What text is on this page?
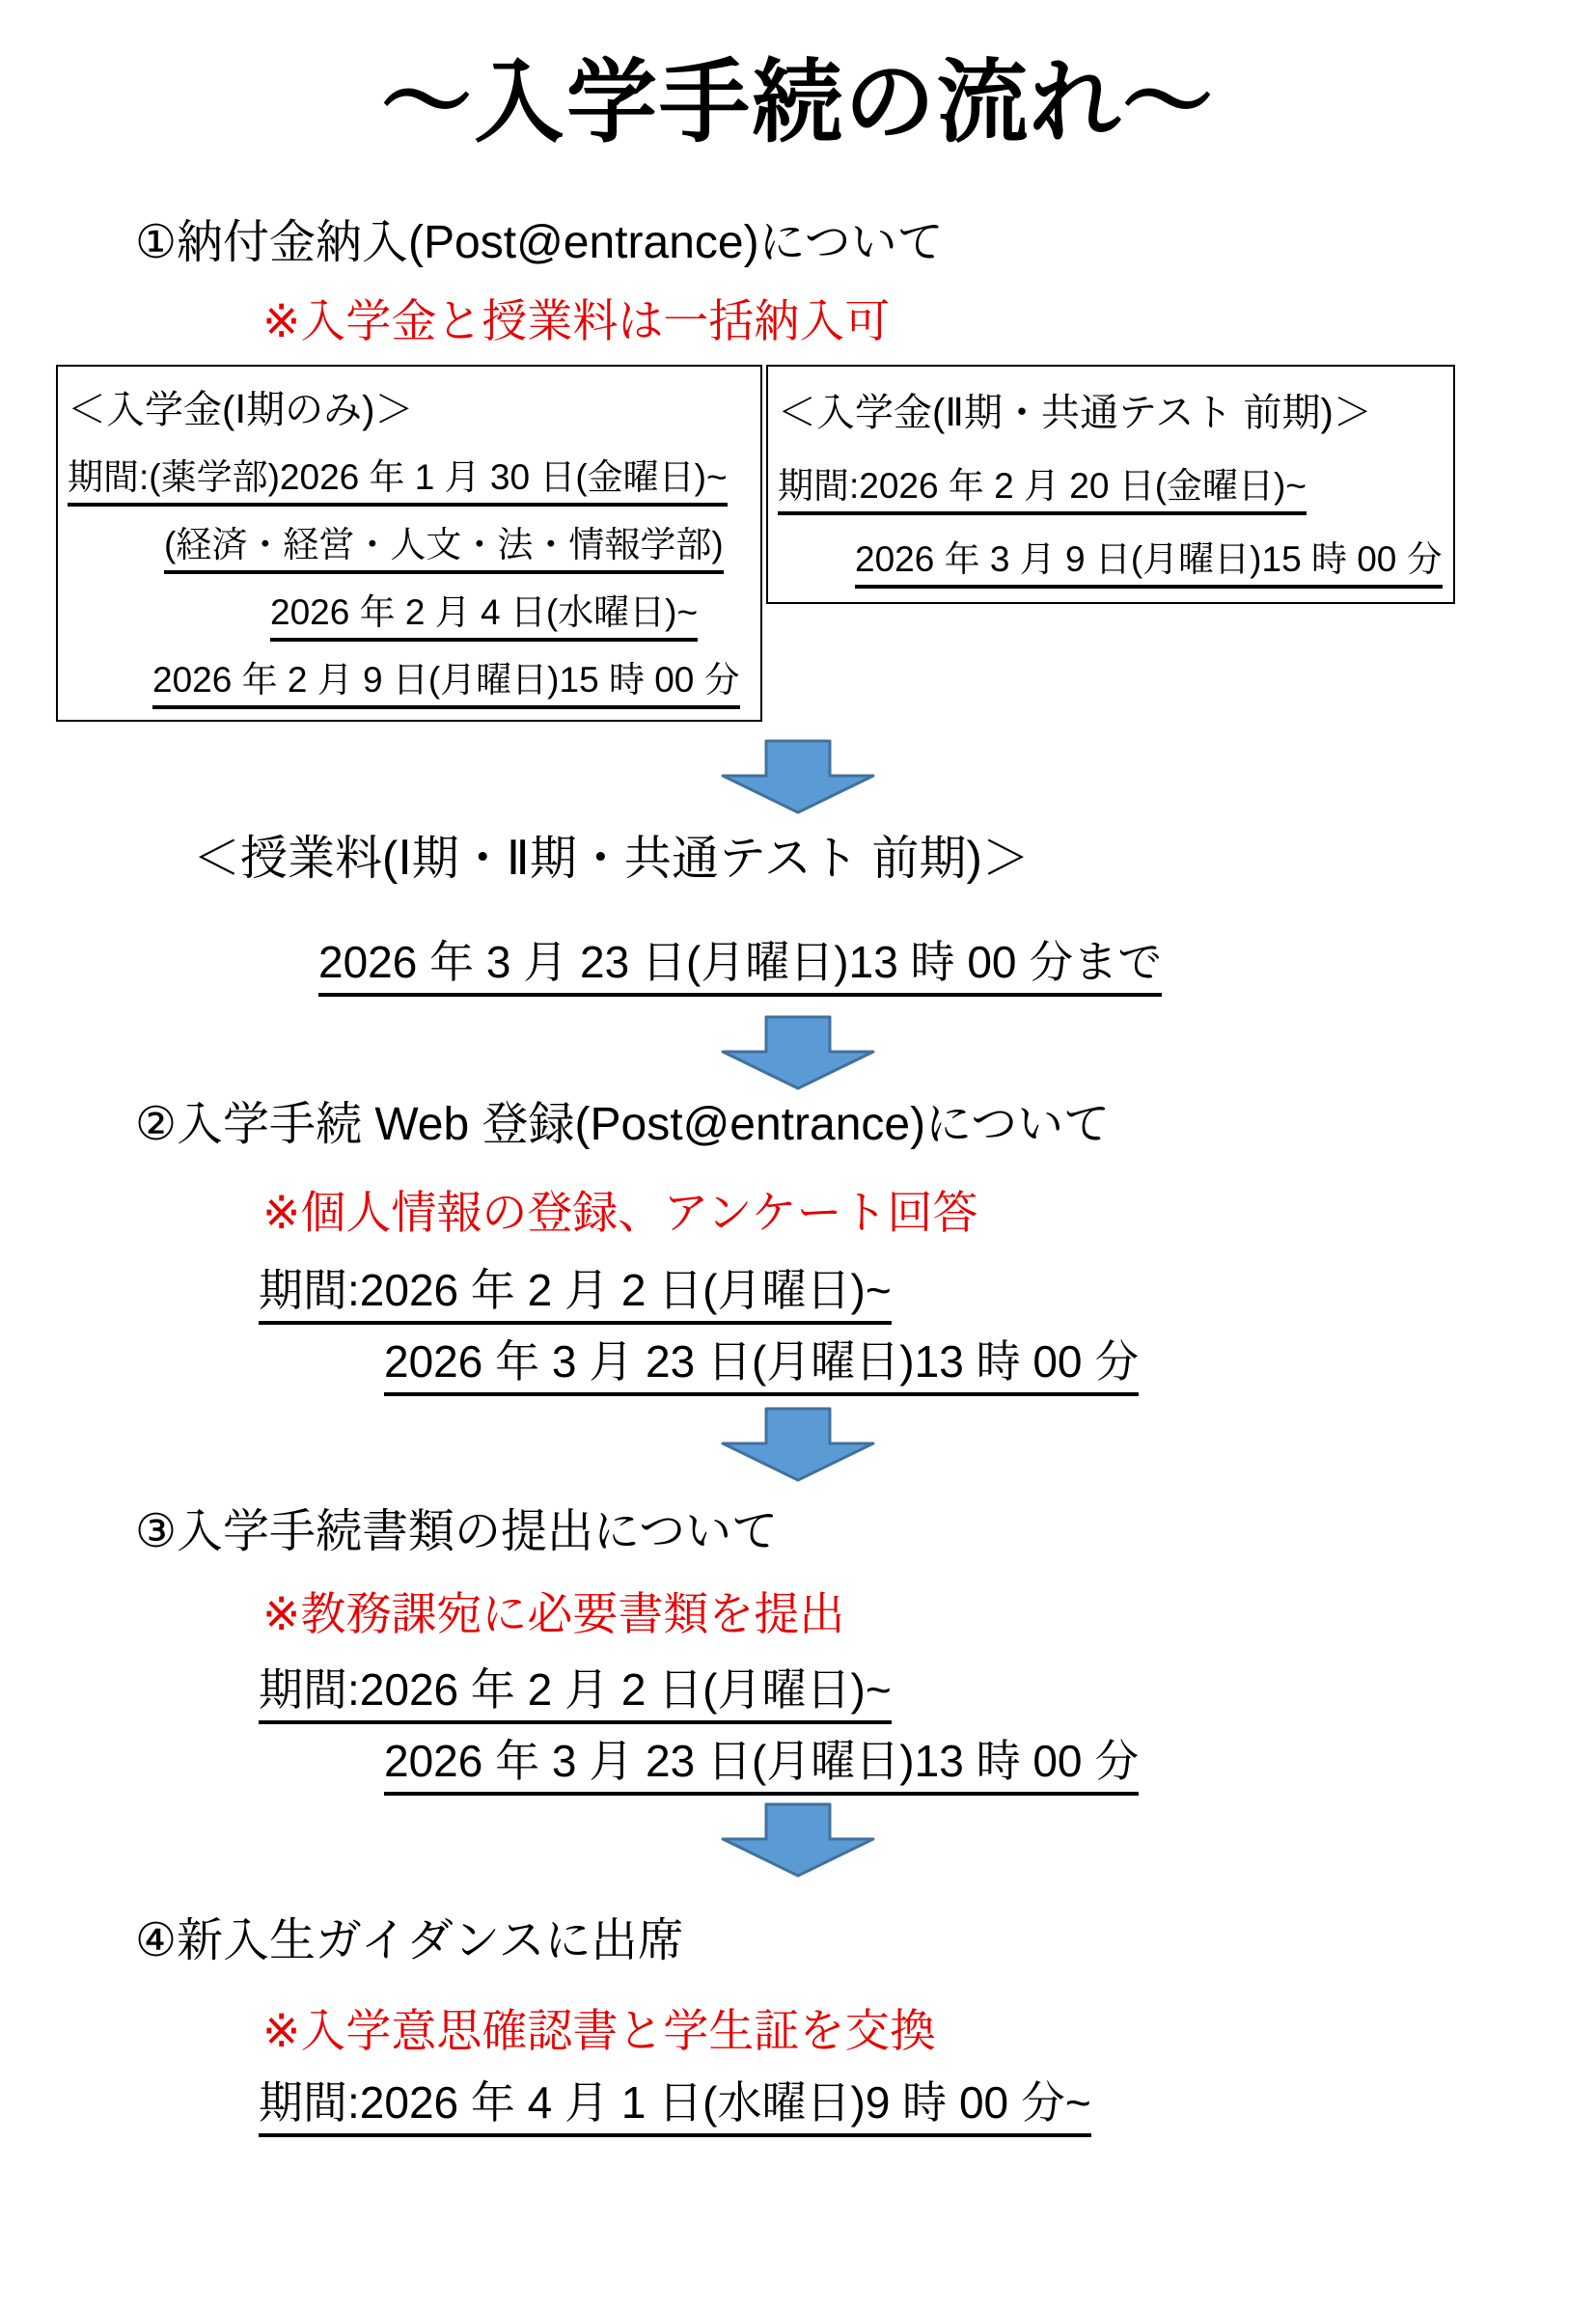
～入学手続の流れ～
①納付金納入(Post@entrance)について
※入学金と授業料は一括納入可
＜入学金(Ⅰ期のみ)＞
期間:(薬学部)2026 年 1 月 30 日(金曜日)~
(経済・経営・人文・法・情報学部)
2026 年 2 月 4 日(水曜日)~
2026 年 2 月 9 日(月曜日)15 時 00 分
＜入学金(Ⅱ期・共通テスト 前期)＞
期間:2026 年 2 月 20 日(金曜日)~
2026 年 3 月 9 日(月曜日)15 時 00 分
＜授業料(Ⅰ期・Ⅱ期・共通テスト 前期)＞
2026 年 3 月 23 日(月曜日)13 時 00 分まで
②入学手続 Web 登録(Post@entrance)について
※個人情報の登録、アンケート回答
期間:2026 年 2 月 2 日(月曜日)~
2026 年 3 月 23 日(月曜日)13 時 00 分
③入学手続書類の提出について
※教務課宛に必要書類を提出
期間:2026 年 2 月 2 日(月曜日)~
2026 年 3 月 23 日(月曜日)13 時 00 分
④新入生ガイダンスに出席
※入学意思確認書と学生証を交換
期間:2026 年 4 月 1 日(水曜日)9 時 00 分~
